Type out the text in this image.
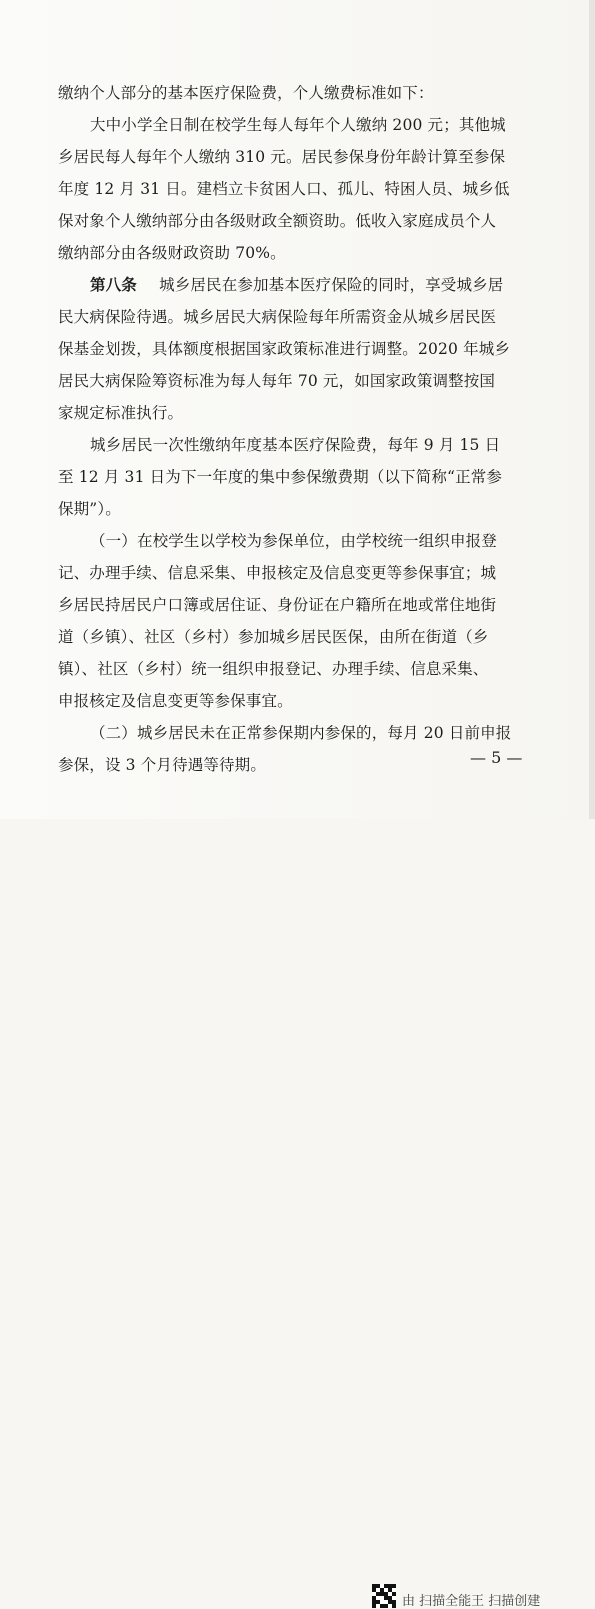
缴纳个人部分的基本医疗保险费，个人缴费标准如下：
大中小学全日制在校学生每人每年个人缴纳 200 元；其他城
乡居民每人每年个人缴纳 310 元。居民参保身份年龄计算至参保
年度 12 月 31 日。建档立卡贫困人口、孤儿、特困人员、城乡低
保对象个人缴纳部分由各级财政全额资助。低收入家庭成员个人
缴纳部分由各级财政资助 70%。
第八条 城乡居民在参加基本医疗保险的同时，享受城乡居
民大病保险待遇。城乡居民大病保险每年所需资金从城乡居民医
保基金划拨，具体额度根据国家政策标准进行调整。2020 年城乡
居民大病保险筹资标准为每人每年 70 元，如国家政策调整按国
家规定标准执行。
城乡居民一次性缴纳年度基本医疗保险费，每年 9 月 15 日
至 12 月 31 日为下一年度的集中参保缴费期（以下简称“正常参
保期”）。
（一）在校学生以学校为参保单位，由学校统一组织申报登
记、办理手续、信息采集、申报核定及信息变更等参保事宜；城
乡居民持居民户口簿或居住证、身份证在户籍所在地或常住地街
道（乡镇）、社区（乡村）参加城乡居民医保，由所在街道（乡
镇）、社区（乡村）统一组织申报登记、办理手续、信息采集、
申报核定及信息变更等参保事宜。
（二）城乡居民未在正常参保期内参保的，每月 20 日前申报
参保，设 3 个月待遇等待期。	— 5 —
由 扫描全能王 扫描创建
